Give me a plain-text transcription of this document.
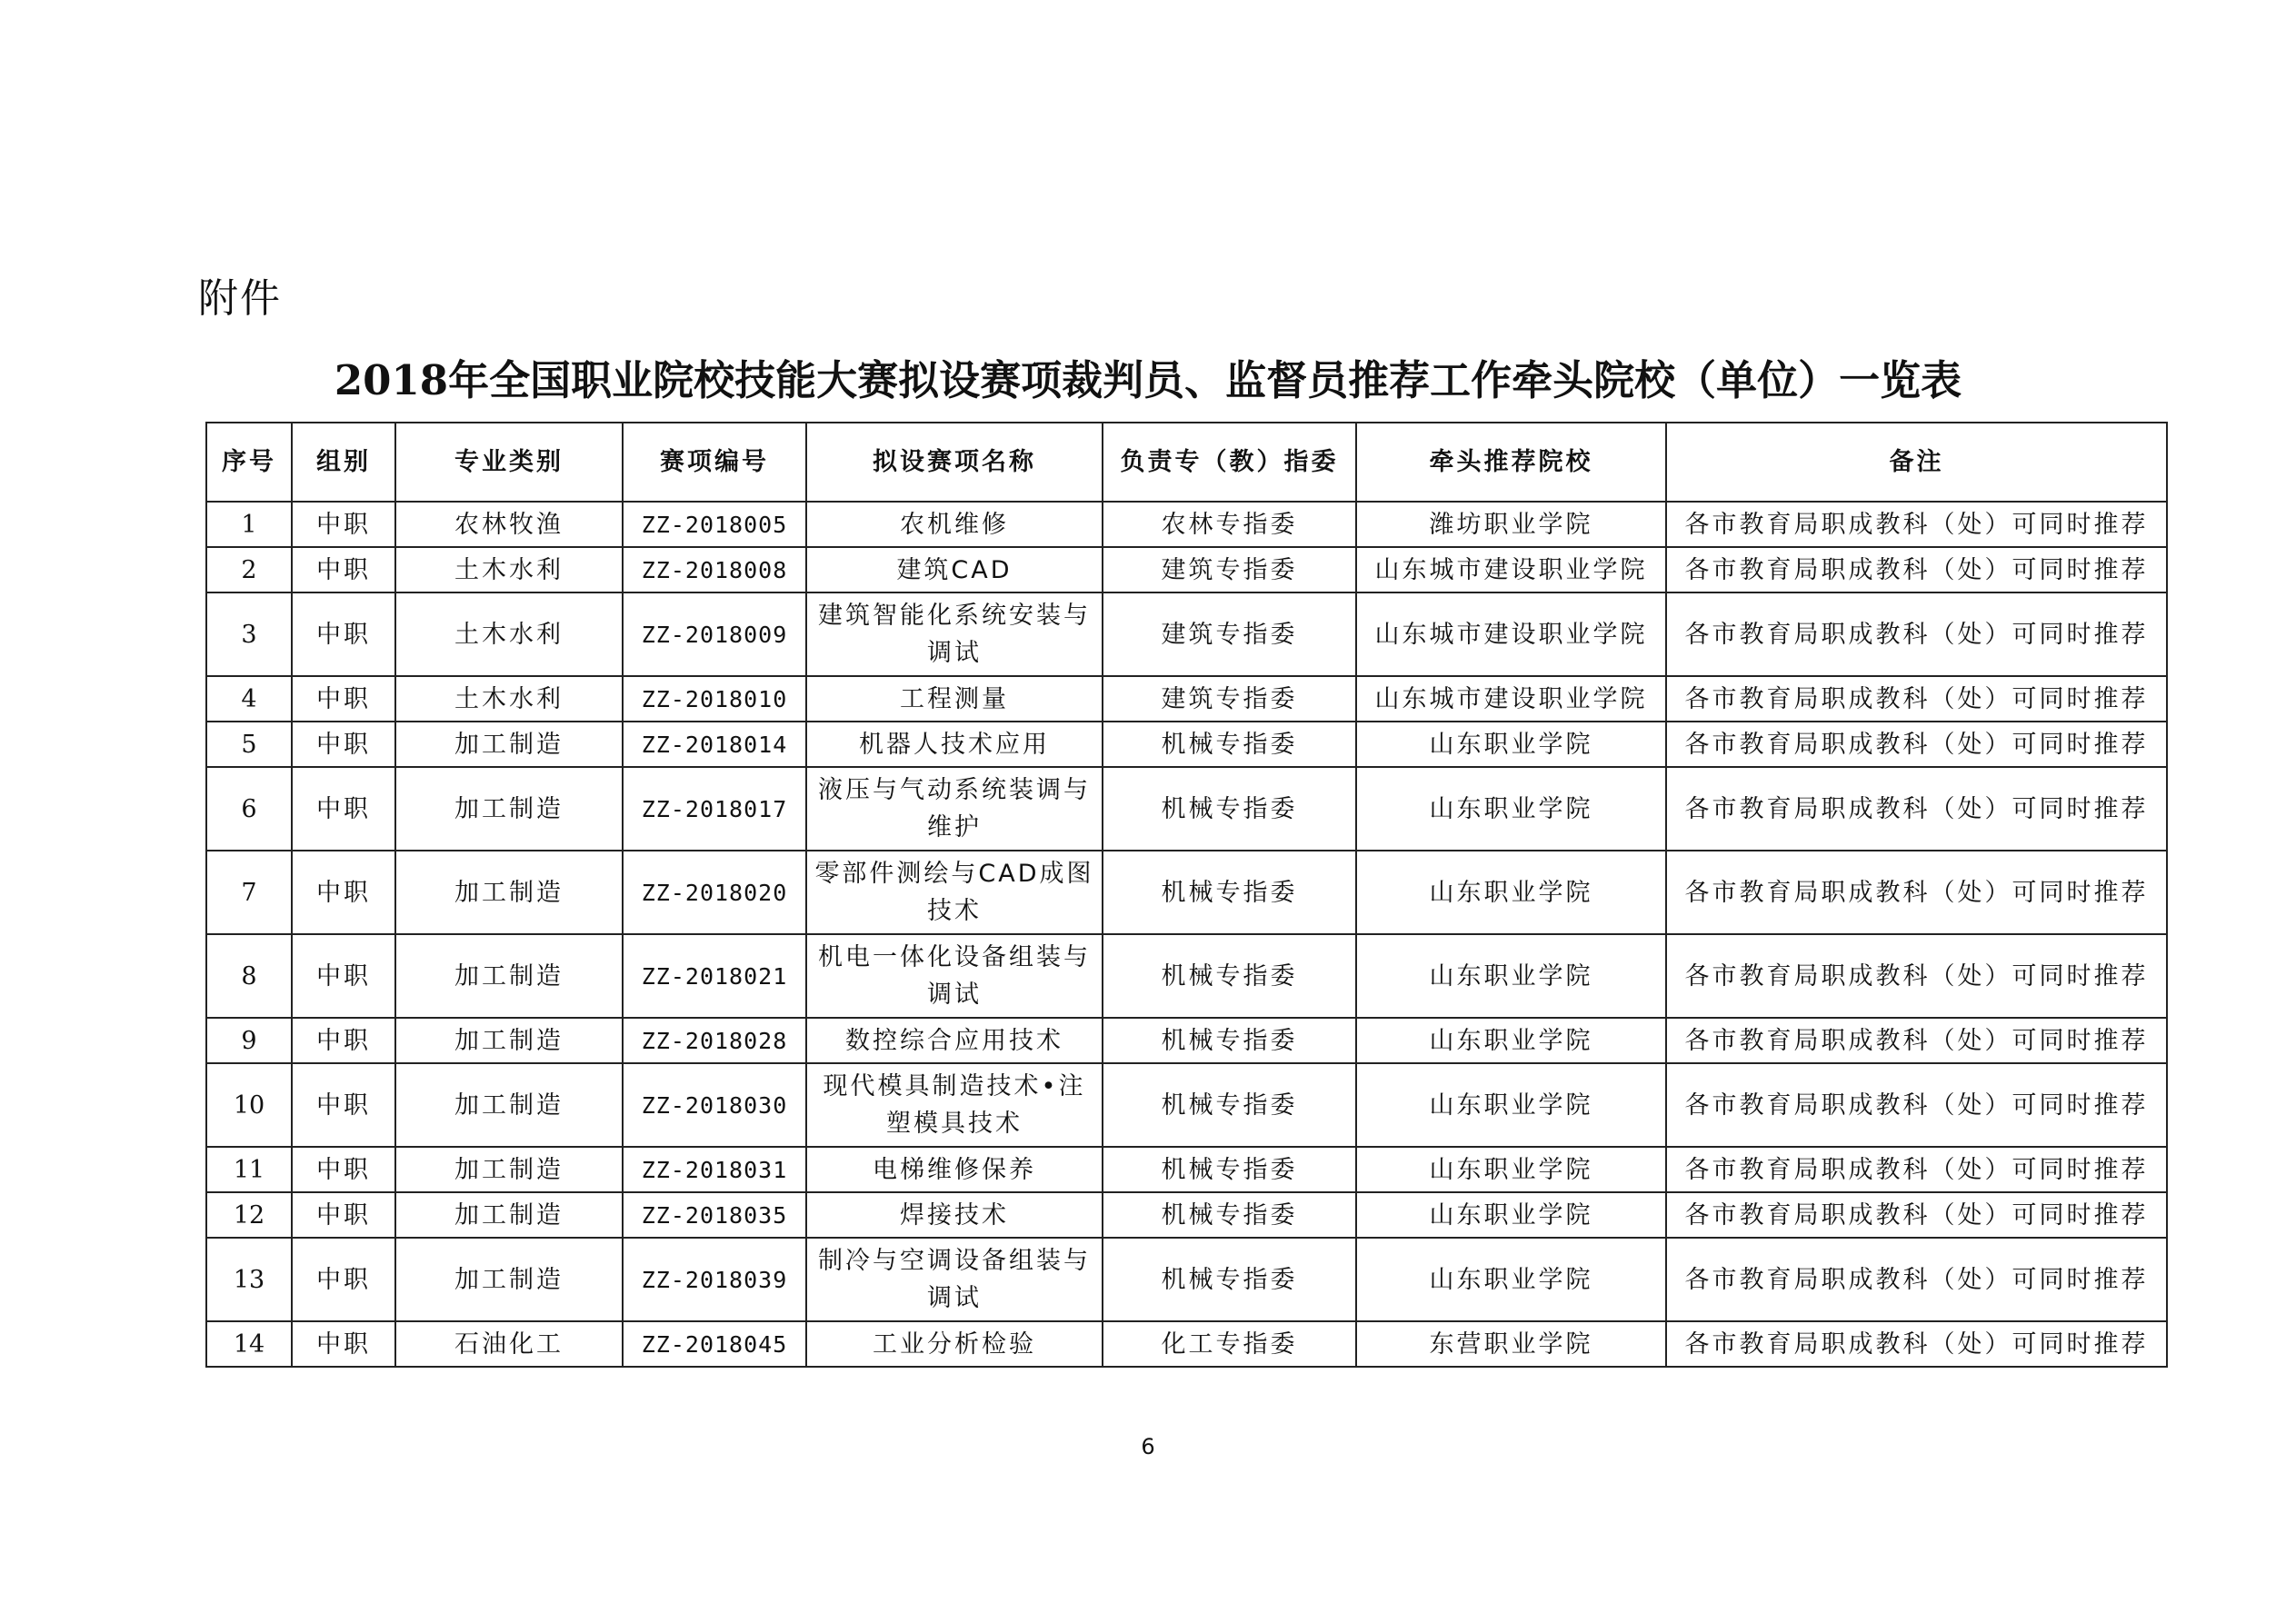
附件
2018年全国职业院校技能大赛拟设赛项裁判员、监督员推荐工作牵头院校（单位）一览表
序号	组别	专业类别	赛项编号	拟设赛项名称	负责专（教）指委	牵头推荐院校	备注
1	中职	农林牧渔	ZZ-2018005	农机维修	农林专指委	潍坊职业学院	各市教育局职成教科（处）可同时推荐
2	中职	土木水利	ZZ-2018008	建筑CAD	建筑专指委	山东城市建设职业学院	各市教育局职成教科（处）可同时推荐
3	中职	土木水利	ZZ-2018009	建筑智能化系统安装与调试	建筑专指委	山东城市建设职业学院	各市教育局职成教科（处）可同时推荐
4	中职	土木水利	ZZ-2018010	工程测量	建筑专指委	山东城市建设职业学院	各市教育局职成教科（处）可同时推荐
5	中职	加工制造	ZZ-2018014	机器人技术应用	机械专指委	山东职业学院	各市教育局职成教科（处）可同时推荐
6	中职	加工制造	ZZ-2018017	液压与气动系统装调与维护	机械专指委	山东职业学院	各市教育局职成教科（处）可同时推荐
7	中职	加工制造	ZZ-2018020	零部件测绘与CAD成图技术	机械专指委	山东职业学院	各市教育局职成教科（处）可同时推荐
8	中职	加工制造	ZZ-2018021	机电一体化设备组装与调试	机械专指委	山东职业学院	各市教育局职成教科（处）可同时推荐
9	中职	加工制造	ZZ-2018028	数控综合应用技术	机械专指委	山东职业学院	各市教育局职成教科（处）可同时推荐
10	中职	加工制造	ZZ-2018030	现代模具制造技术•注塑模具技术	机械专指委	山东职业学院	各市教育局职成教科（处）可同时推荐
11	中职	加工制造	ZZ-2018031	电梯维修保养	机械专指委	山东职业学院	各市教育局职成教科（处）可同时推荐
12	中职	加工制造	ZZ-2018035	焊接技术	机械专指委	山东职业学院	各市教育局职成教科（处）可同时推荐
13	中职	加工制造	ZZ-2018039	制冷与空调设备组装与调试	机械专指委	山东职业学院	各市教育局职成教科（处）可同时推荐
14	中职	石油化工	ZZ-2018045	工业分析检验	化工专指委	东营职业学院	各市教育局职成教科（处）可同时推荐
6
